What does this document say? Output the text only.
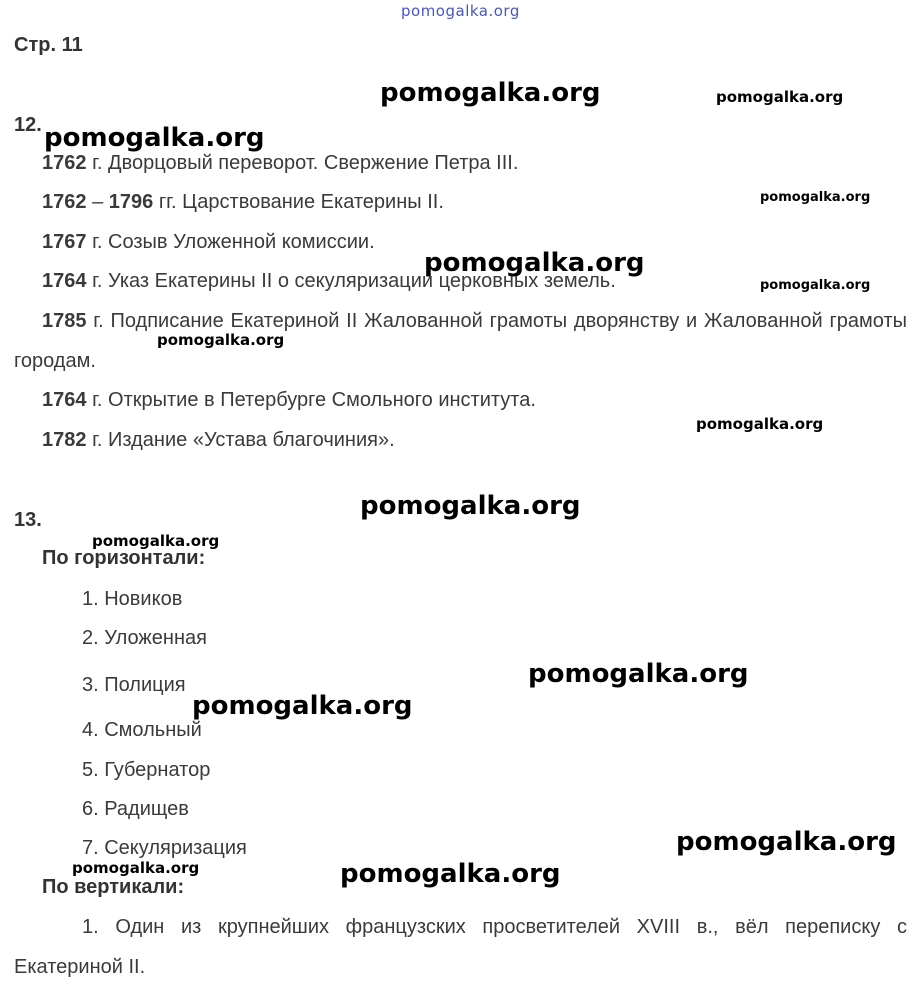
pomogalka.org
pomogalka.org	pomogalka.org
pomogalka.org
pomogalka.org
pomogalka.org
pomogalka.org
pomogalka.org
pomogalka.org
pomogalka.org
pomogalka.org
pomogalka.org
pomogalka.org
pomogalka.org
pomogalka.org	pomogalka.org
Стр. 11
12.
1762 г. Дворцовый переворот. Свержение Петра III.
1762 – 1796 гг. Царствование Екатерины II.
1767 г. Созыв Уложенной комиссии.
1764 г. Указ Екатерины II о секуляризации церковных земель.
1785 г. Подписание Екатериной II Жалованной грамоты дворянству и Жалованной грамоты городам.
1764 г. Открытие в Петербурге Смольного института.
1782 г. Издание «Устава благочиния».
13.
По горизонтали:
1. Новиков
2. Уложенная
3. Полиция
4. Смольный
5. Губернатор
6. Радищев
7. Секуляризация
По вертикали:
1. Один из крупнейших французских просветителей XVIII в., вёл переписку с Екатериной II.
